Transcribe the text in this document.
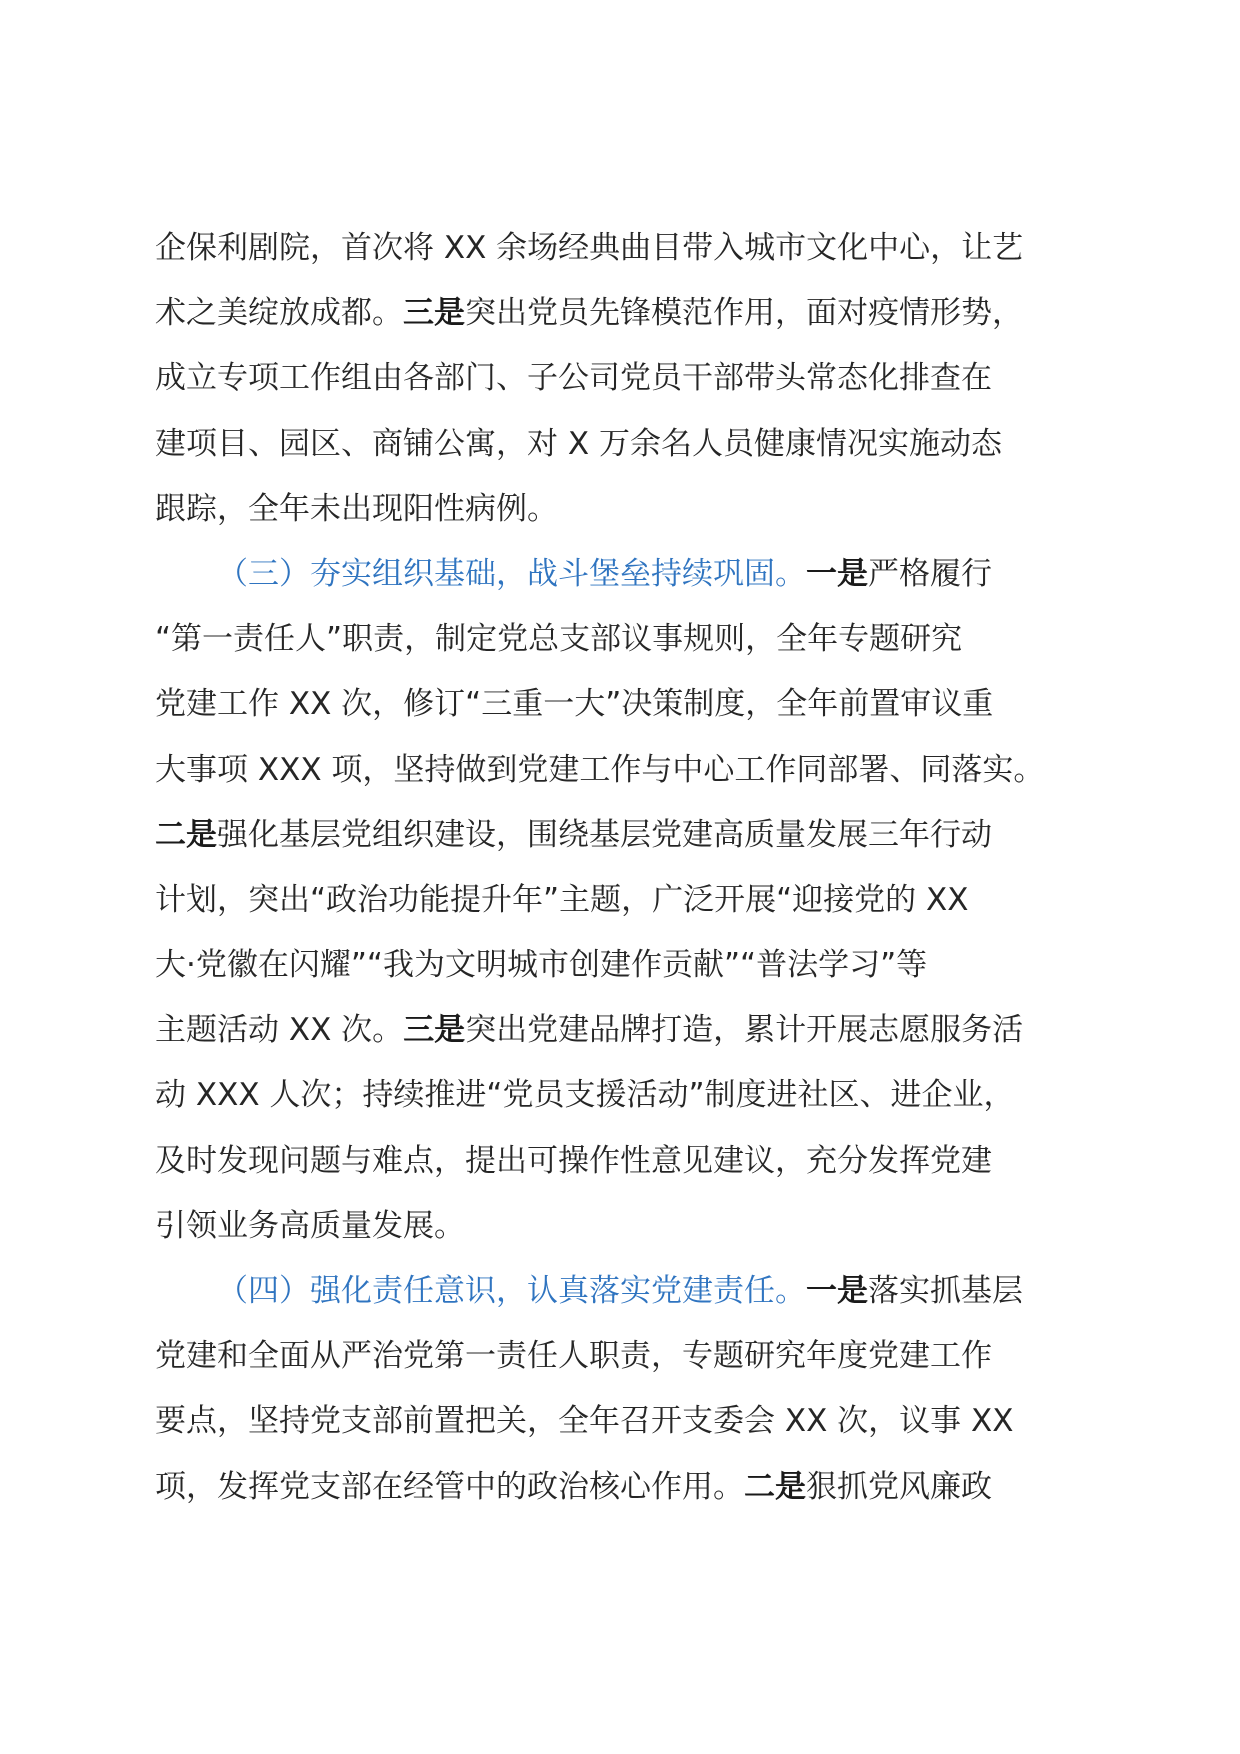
企保利剧院，首次将 XX 余场经典曲目带入城市文化中心，让艺
术之美绽放成都。三是突出党员先锋模范作用，面对疫情形势，
成立专项工作组由各部门、子公司党员干部带头常态化排查在
建项目、园区、商铺公寓，对 X 万余名人员健康情况实施动态
跟踪，全年未出现阳性病例。
（三）夯实组织基础，战斗堡垒持续巩固。一是严格履行
“第一责任人”职责，制定党总支部议事规则，全年专题研究
党建工作 XX 次，修订“三重一大”决策制度，全年前置审议重
大事项 XXX 项，坚持做到党建工作与中心工作同部署、同落实。
二是强化基层党组织建设，围绕基层党建高质量发展三年行动
计划，突出“政治功能提升年”主题，广泛开展“迎接党的 XX
大·党徽在闪耀”“我为文明城市创建作贡献”“普法学习”等
主题活动 XX 次。三是突出党建品牌打造，累计开展志愿服务活
动 XXX 人次；持续推进“党员支援活动”制度进社区、进企业，
及时发现问题与难点，提出可操作性意见建议，充分发挥党建
引领业务高质量发展。
（四）强化责任意识，认真落实党建责任。一是落实抓基层
党建和全面从严治党第一责任人职责，专题研究年度党建工作
要点，坚持党支部前置把关，全年召开支委会 XX 次，议事 XX
项，发挥党支部在经管中的政治核心作用。二是狠抓党风廉政
